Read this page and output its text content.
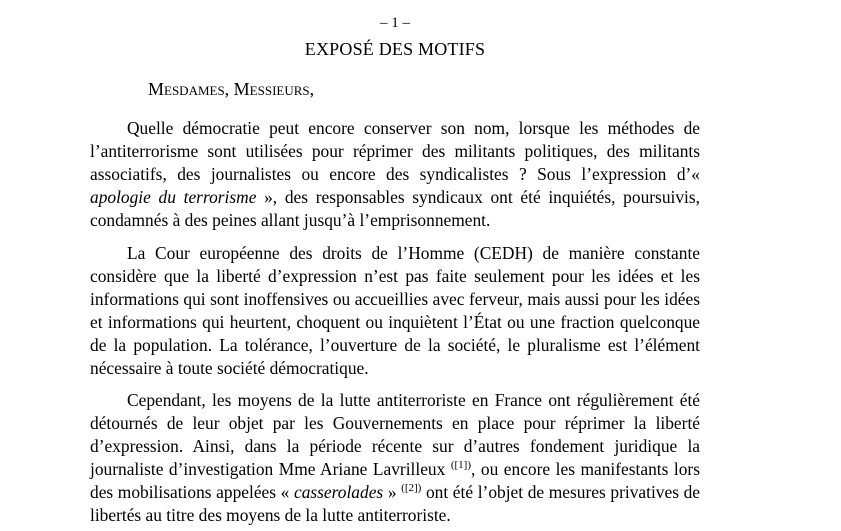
– 1 –
EXPOSÉ DES MOTIFS
Mesdames, Messieurs,

Quelle démocratie peut encore conserver son nom, lorsque les méthodes de l’antiterrorisme sont utilisées pour réprimer des militants politiques, des militants associatifs, des journalistes ou encore des syndicalistes ? Sous l’expression d’« apologie du terrorisme », des responsables syndicaux ont été inquiétés, poursuivis, condamnés à des peines allant jusqu’à l’emprisonnement.

La Cour européenne des droits de l’Homme (CEDH) de manière constante considère que la liberté d’expression n’est pas faite seulement pour les idées et les informations qui sont inoffensives ou accueillies avec ferveur, mais aussi pour les idées et informations qui heurtent, choquent ou inquiètent l’État ou une fraction quelconque de la population. La tolérance, l’ouverture de la société, le pluralisme est l’élément nécessaire à toute société démocratique.

Cependant, les moyens de la lutte antiterroriste en France ont régulièrement été détournés de leur objet par les Gouvernements en place pour réprimer la liberté d’expression. Ainsi, dans la période récente sur d’autres fondement juridique la journaliste d’investigation Mme Ariane Lavrilleux $^{([1])}$, ou encore les manifestants lors des mobilisations appelées « casserolades » $^{([2])}$ ont été l’objet de mesures privatives de libertés au titre des moyens de la lutte antiterroriste.
